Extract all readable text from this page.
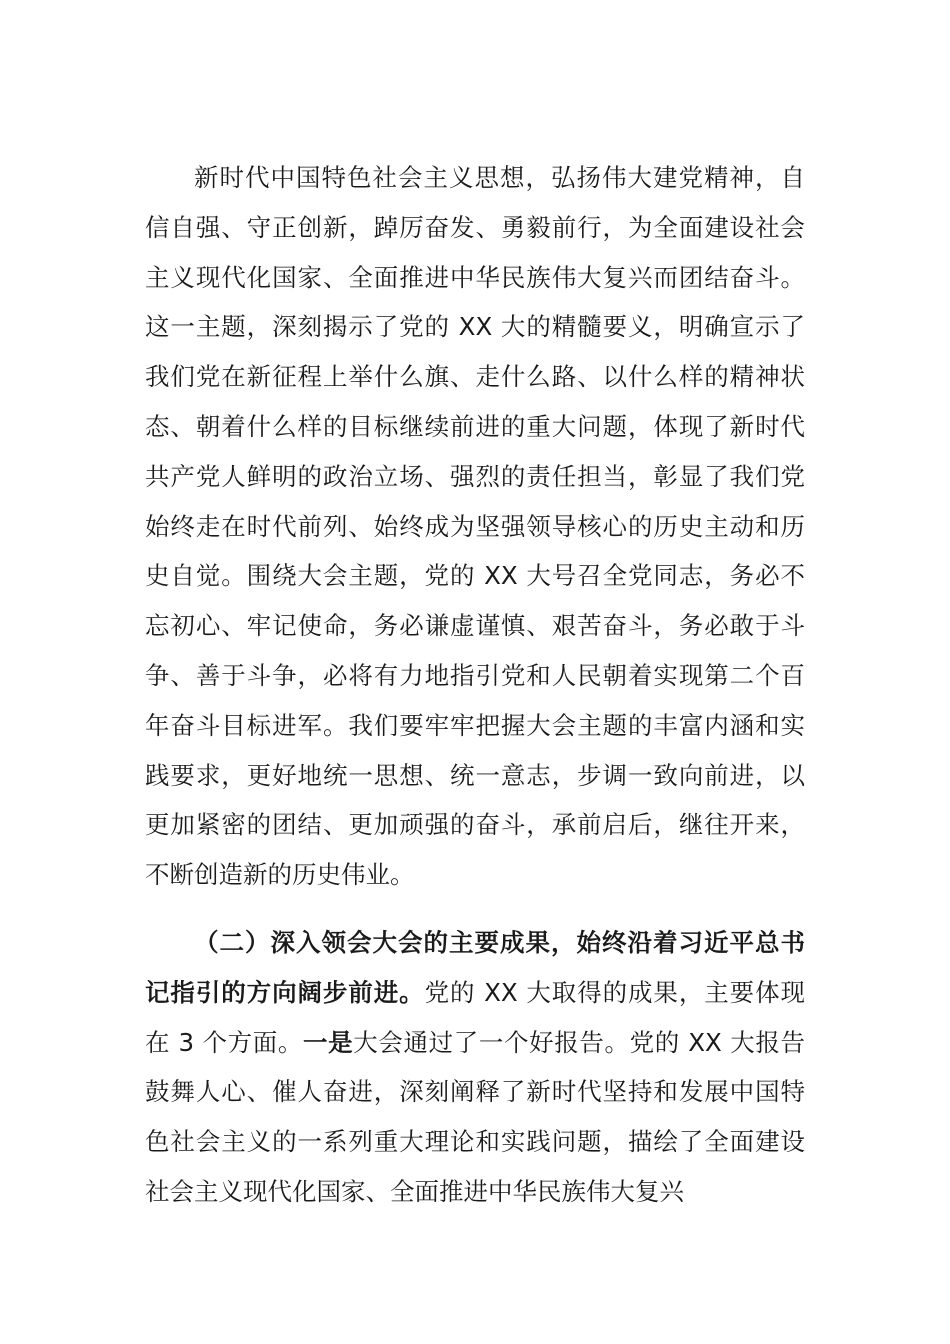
新时代中国特色社会主义思想，弘扬伟大建党精神，自信自强、守正创新，踔厉奋发、勇毅前行，为全面建设社会主义现代化国家、全面推进中华民族伟大复兴而团结奋斗。这一主题，深刻揭示了党的 XX 大的精髓要义，明确宣示了我们党在新征程上举什么旗、走什么路、以什么样的精神状态、朝着什么样的目标继续前进的重大问题，体现了新时代共产党人鲜明的政治立场、强烈的责任担当，彰显了我们党始终走在时代前列、始终成为坚强领导核心的历史主动和历史自觉。围绕大会主题，党的 XX 大号召全党同志，务必不忘初心、牢记使命，务必谦虚谨慎、艰苦奋斗，务必敢于斗争、善于斗争，必将有力地指引党和人民朝着实现第二个百年奋斗目标进军。我们要牢牢把握大会主题的丰富内涵和实践要求，更好地统一思想、统一意志，步调一致向前进，以更加紧密的团结、更加顽强的奋斗，承前启后，继往开来，不断创造新的历史伟业。

（二）深入领会大会的主要成果，始终沿着习近平总书记指引的方向阔步前进。党的 XX 大取得的成果，主要体现在 3 个方面。一是大会通过了一个好报告。党的 XX 大报告鼓舞人心、催人奋进，深刻阐释了新时代坚持和发展中国特色社会主义的一系列重大理论和实践问题，描绘了全面建设社会主义现代化国家、全面推进中华民族伟大复兴
